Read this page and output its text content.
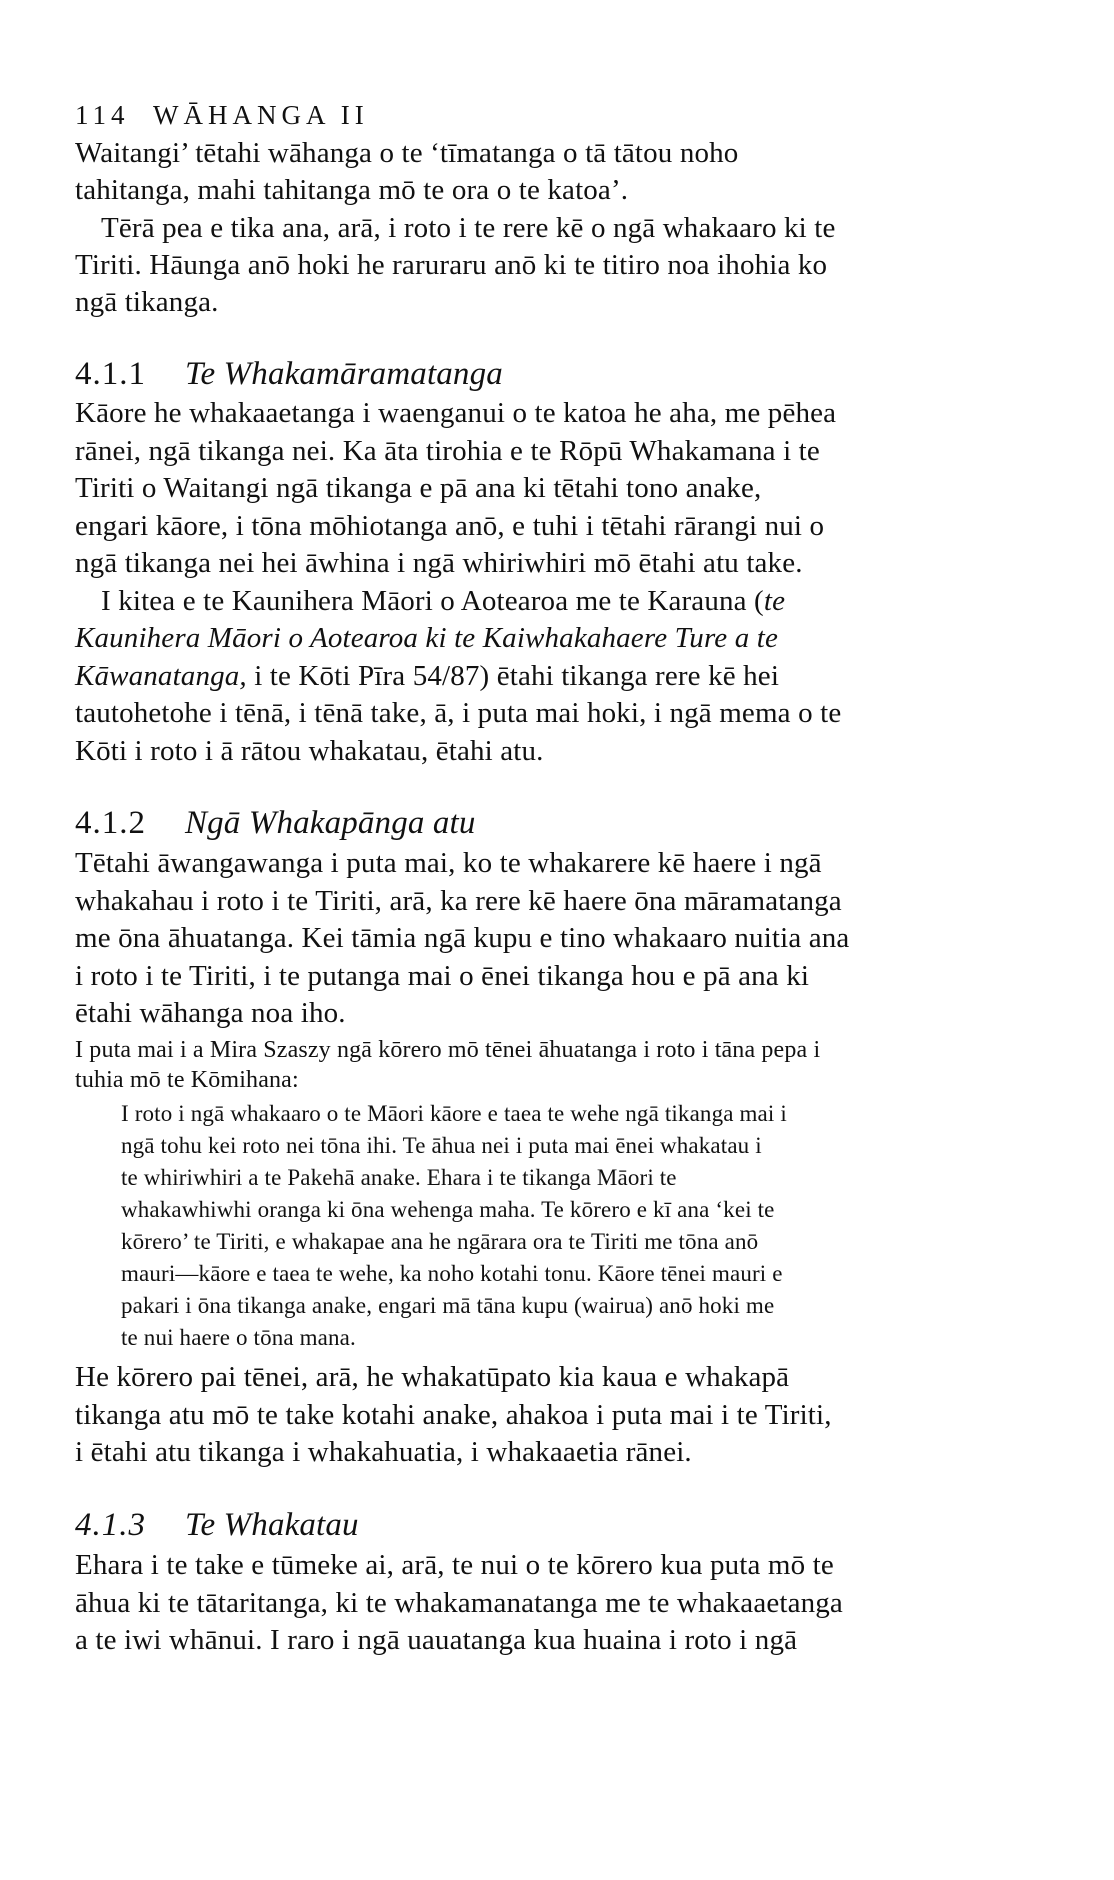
114 WĀHANGA II
Waitangi’ tētahi wāhanga o te ‘tīmatanga o tā tātou noho
tahitanga, mahi tahitanga mō te ora o te katoa’.
Tērā pea e tika ana, arā, i roto i te rere kē o ngā whakaaro ki te
Tiriti. Hāunga anō hoki he raruraru anō ki te titiro noa ihohia ko
ngā tikanga.
4.1.1 Te Whakamāramatanga
Kāore he whakaaetanga i waenganui o te katoa he aha, me pēhea
rānei, ngā tikanga nei. Ka āta tirohia e te Rōpū Whakamana i te
Tiriti o Waitangi ngā tikanga e pā ana ki tētahi tono anake,
engari kāore, i tōna mōhiotanga anō, e tuhi i tētahi rārangi nui o
ngā tikanga nei hei āwhina i ngā whiriwhiri mō ētahi atu take.
I kitea e te Kaunihera Māori o Aotearoa me te Karauna (te
Kaunihera Māori o Aotearoa ki te Kaiwhakahaere Ture a te
Kāwanatanga, i te Kōti Pīra 54/87) ētahi tikanga rere kē hei
tautohetohe i tēnā, i tēnā take, ā, i puta mai hoki, i ngā mema o te
Kōti i roto i ā rātou whakatau, ētahi atu.
4.1.2 Ngā Whakapānga atu
Tētahi āwangawanga i puta mai, ko te whakarere kē haere i ngā
whakahau i roto i te Tiriti, arā, ka rere kē haere ōna māramatanga
me ōna āhuatanga. Kei tāmia ngā kupu e tino whakaaro nuitia ana
i roto i te Tiriti, i te putanga mai o ēnei tikanga hou e pā ana ki
ētahi wāhanga noa iho.
I puta mai i a Mira Szaszy ngā kōrero mō tēnei āhuatanga i roto i tāna pepa i
tuhia mō te Kōmihana:
I roto i ngā whakaaro o te Māori kāore e taea te wehe ngā tikanga mai i
ngā tohu kei roto nei tōna ihi. Te āhua nei i puta mai ēnei whakatau i
te whiriwhiri a te Pakehā anake. Ehara i te tikanga Māori te
whakawhiwhi oranga ki ōna wehenga maha. Te kōrero e kī ana ‘kei te
kōrero’ te Tiriti, e whakapae ana he ngārara ora te Tiriti me tōna anō
mauri—kāore e taea te wehe, ka noho kotahi tonu. Kāore tēnei mauri e
pakari i ōna tikanga anake, engari mā tāna kupu (wairua) anō hoki me
te nui haere o tōna mana.
He kōrero pai tēnei, arā, he whakatūpato kia kaua e whakapā
tikanga atu mō te take kotahi anake, ahakoa i puta mai i te Tiriti,
i ētahi atu tikanga i whakahuatia, i whakaaetia rānei.
4.1.3 Te Whakatau
Ehara i te take e tūmeke ai, arā, te nui o te kōrero kua puta mō te
āhua ki te tātaritanga, ki te whakamanatanga me te whakaaetanga
a te iwi whānui. I raro i ngā uauatanga kua huaina i roto i ngā
